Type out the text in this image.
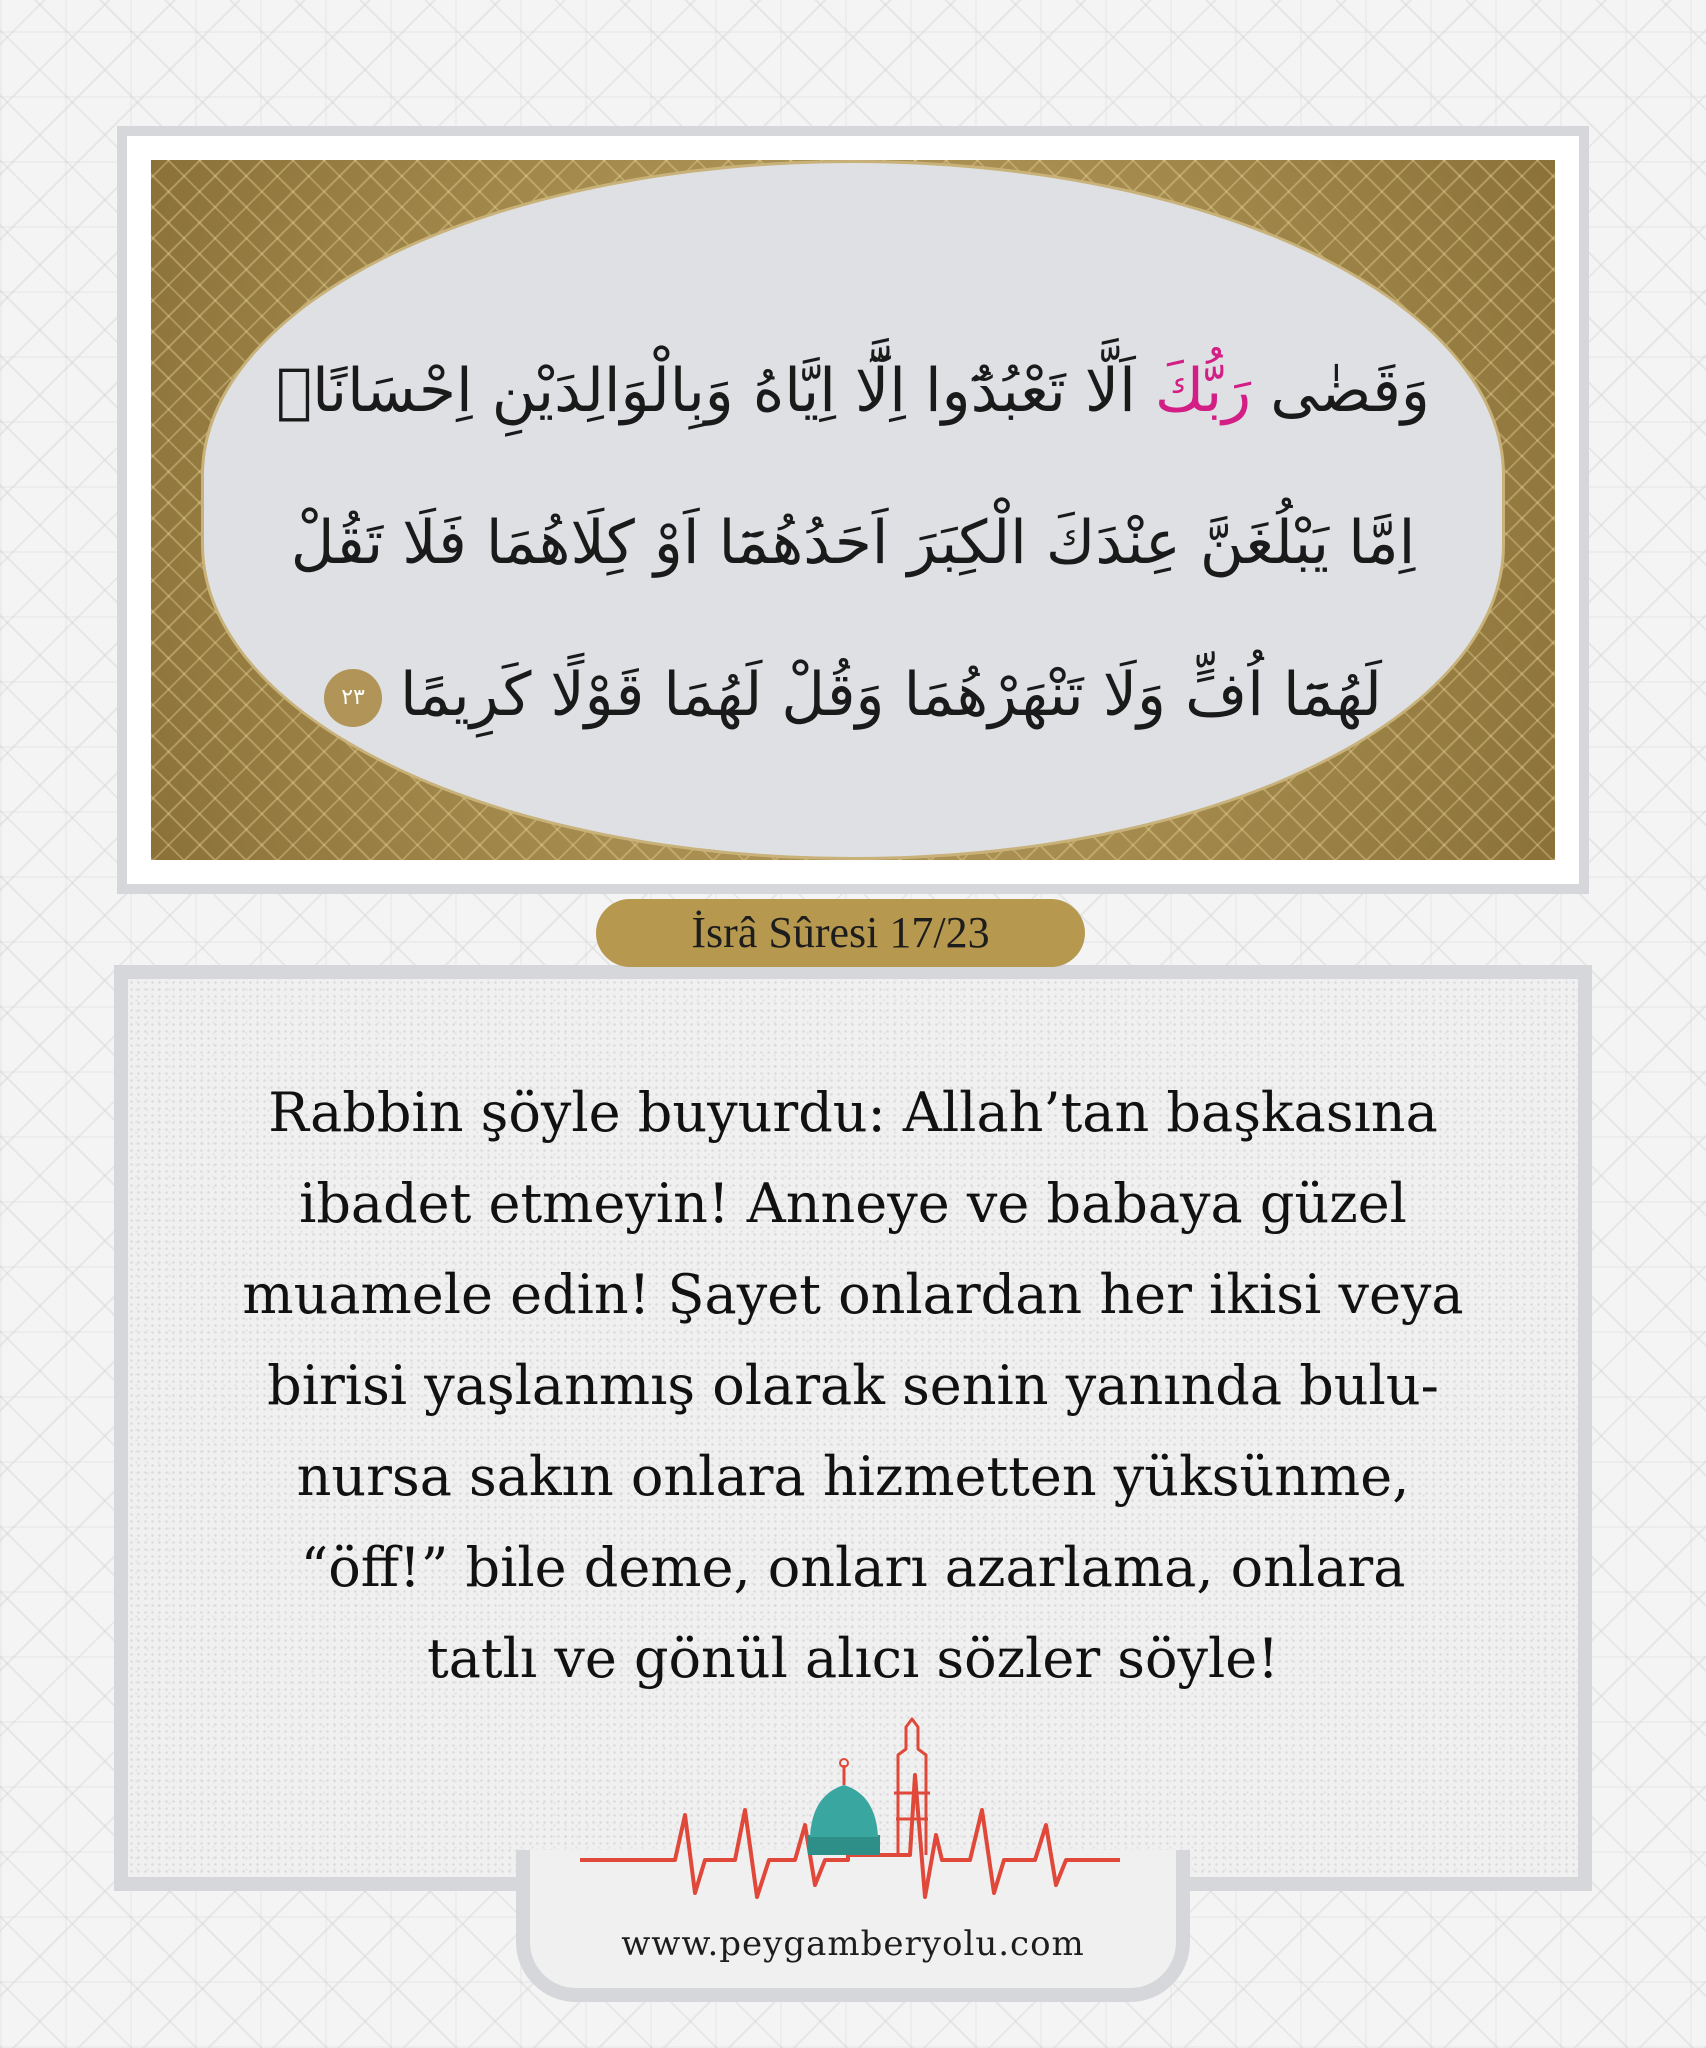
وَقَضٰى رَبُّكَ اَلَّا تَعْبُدُٓوا اِلَّٓا اِيَّاهُ وَبِالْوَالِدَيْنِ اِحْسَانًاۜ
اِمَّا يَبْلُغَنَّ عِنْدَكَ الْكِبَرَ اَحَدُهُمَٓا اَوْ كِلَاهُمَا فَلَا تَقُلْ
لَهُمَٓا اُفٍّ وَلَا تَنْهَرْهُمَا وَقُلْ لَهُمَا قَوْلًا كَرِيمًا٢٣
İsrâ Sûresi 17/23

Rabbin şöyle buyurdu: Allah’tan başkasına
ibadet etmeyin! Anneye ve babaya güzel
muamele edin! Şayet onlardan her ikisi veya
birisi yaşlanmış olarak senin yanında bulu-
nursa sakın onlara hizmetten yüksünme,
“öff!” bile deme, onları azarlama, onlara
tatlı ve gönül alıcı sözler söyle!

www.peygamberyolu.com
